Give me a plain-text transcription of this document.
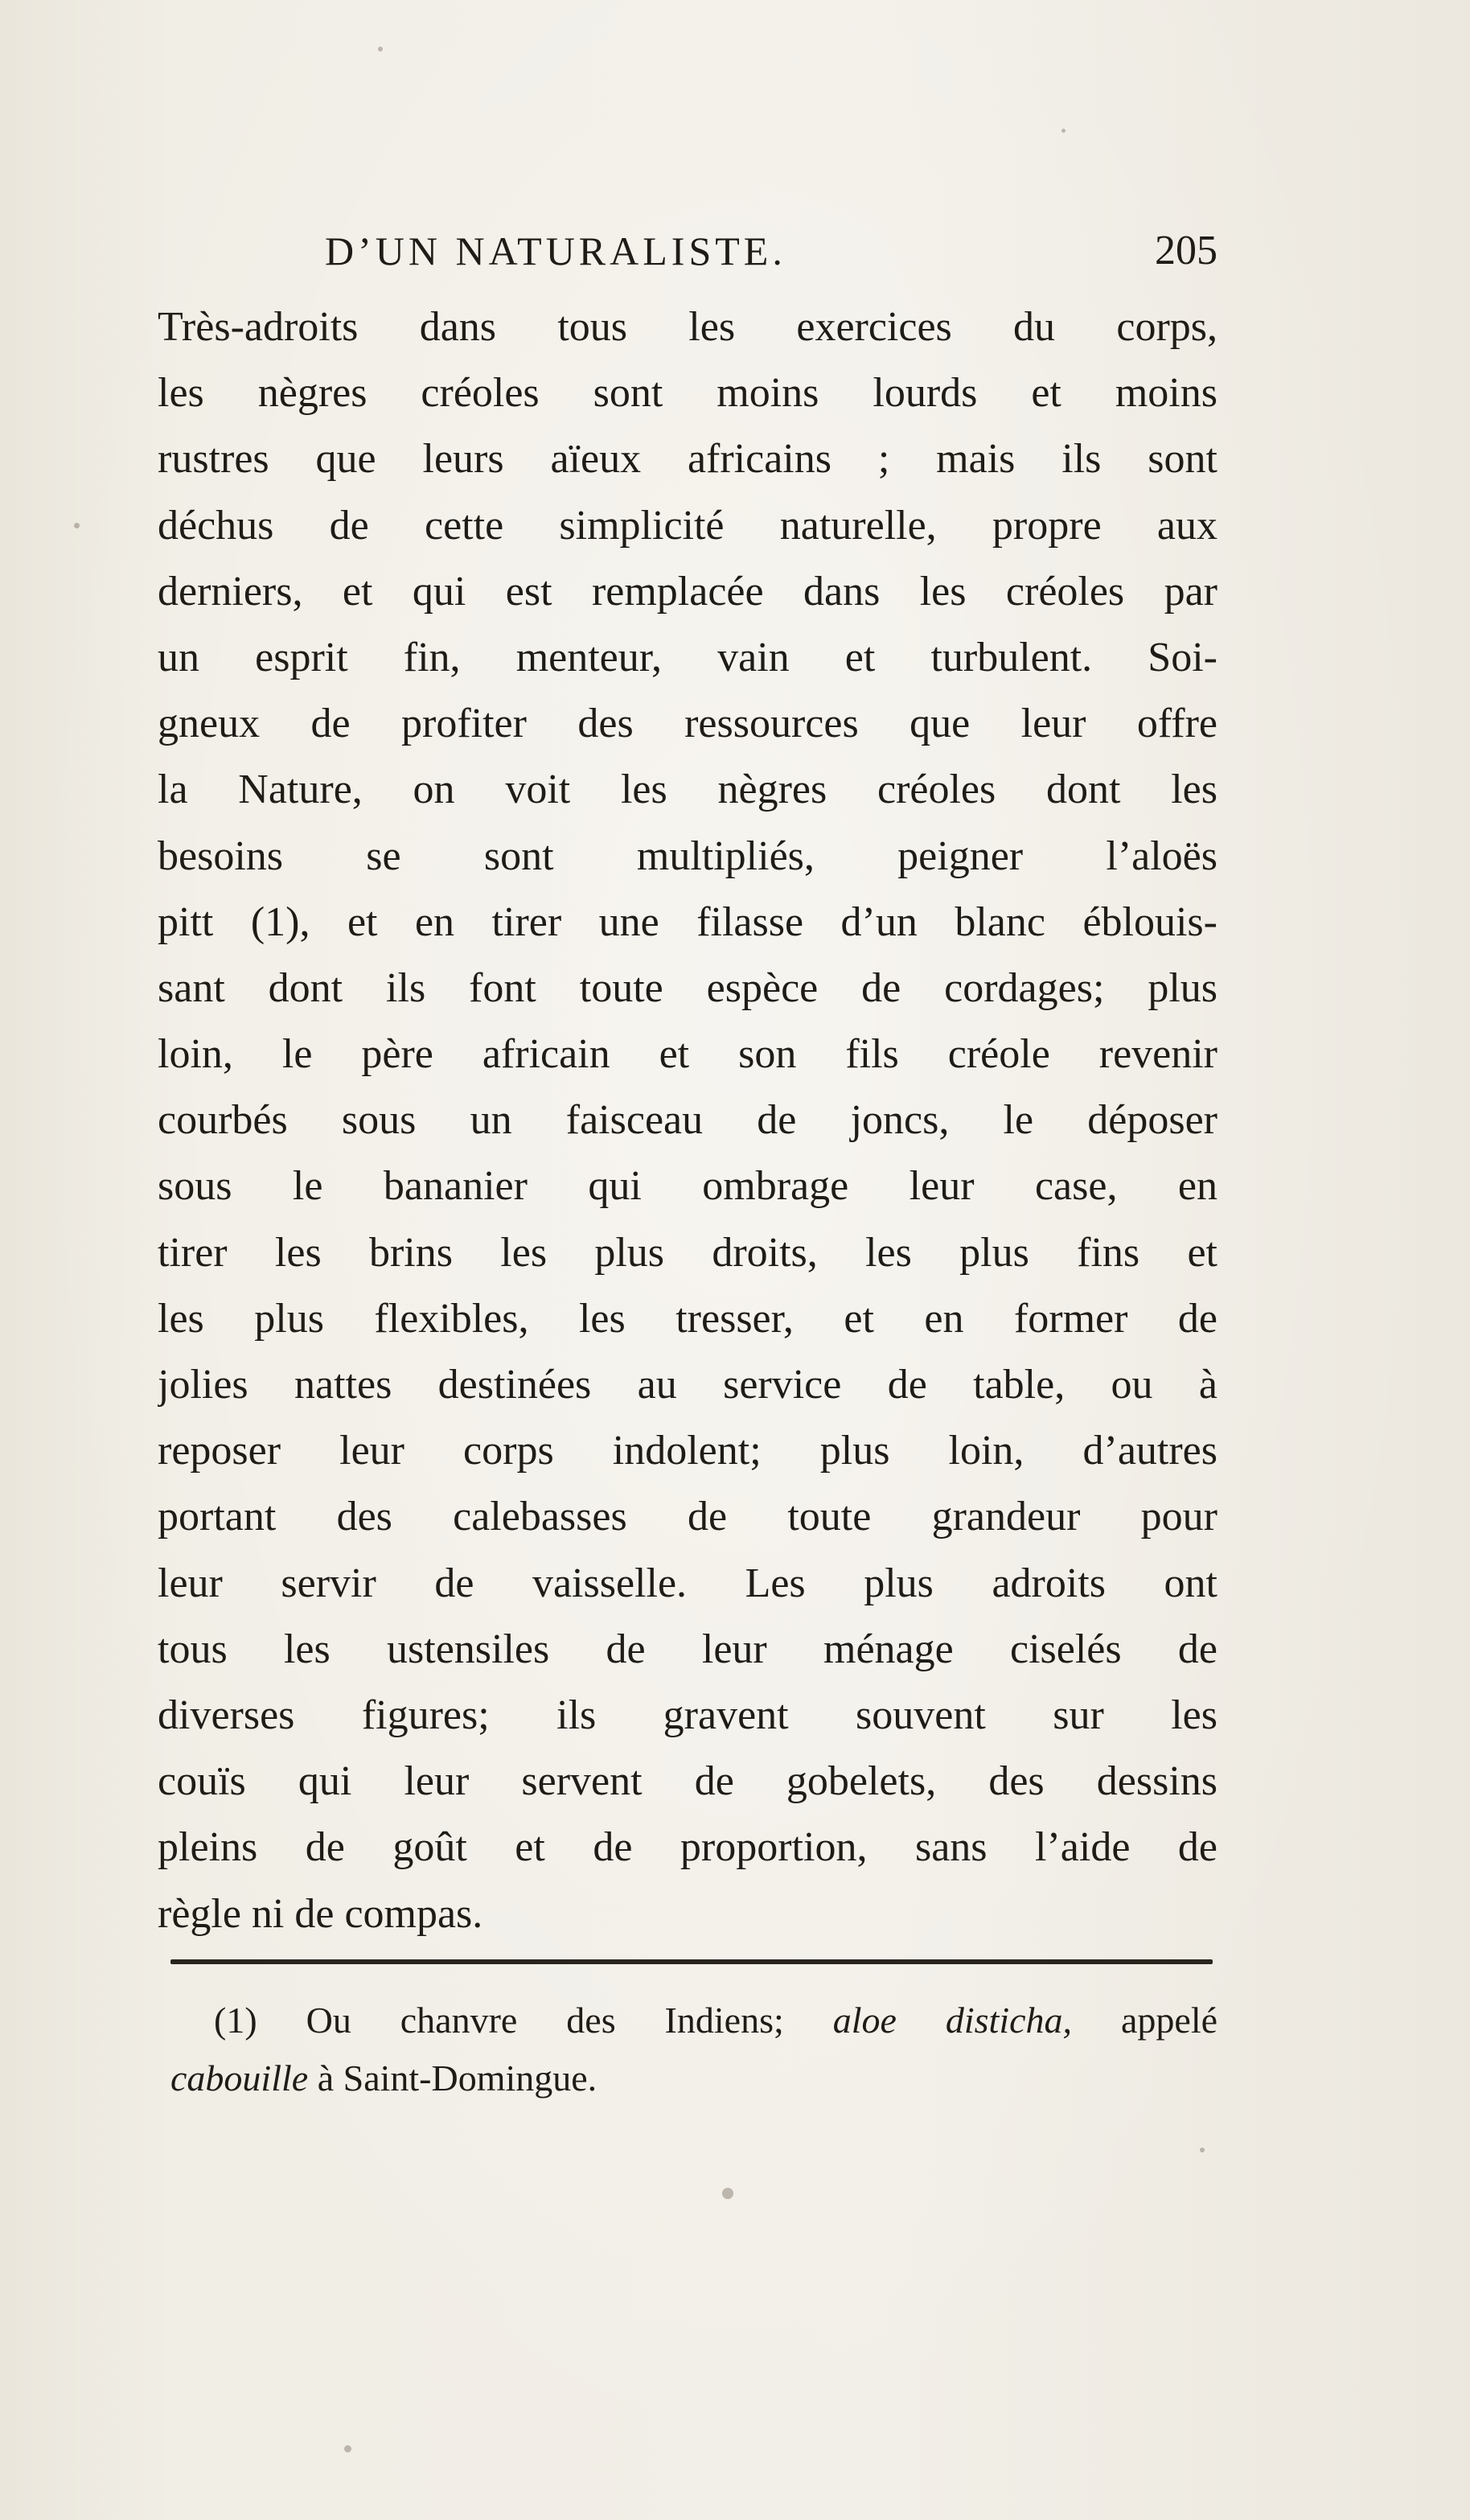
D’UN NATURALISTE.	205
Très-adroits dans tous les exercices du corps,
les nègres créoles sont moins lourds et moins
rustres que leurs aïeux africains ; mais ils sont
déchus de cette simplicité naturelle, propre aux
derniers, et qui est remplacée dans les créoles par
un esprit fin, menteur, vain et turbulent. Soi-
gneux de profiter des ressources que leur offre
la Nature, on voit les nègres créoles dont les
besoins se sont multipliés, peigner l’aloës
pitt (1), et en tirer une filasse d’un blanc éblouis-
sant dont ils font toute espèce de cordages; plus
loin, le père africain et son fils créole revenir
courbés sous un faisceau de joncs, le déposer
sous le bananier qui ombrage leur case, en
tirer les brins les plus droits, les plus fins et
les plus flexibles, les tresser, et en former de
jolies nattes destinées au service de table, ou à
reposer leur corps indolent; plus loin, d’autres
portant des calebasses de toute grandeur pour
leur servir de vaisselle. Les plus adroits ont
tous les ustensiles de leur ménage ciselés de
diverses figures; ils gravent souvent sur les
couïs qui leur servent de gobelets, des dessins
pleins de goût et de proportion, sans l’aide de
règle ni de compas.
(1) Ou chanvre des Indiens; aloe disticha, appelé
cabouille à Saint-Domingue.
